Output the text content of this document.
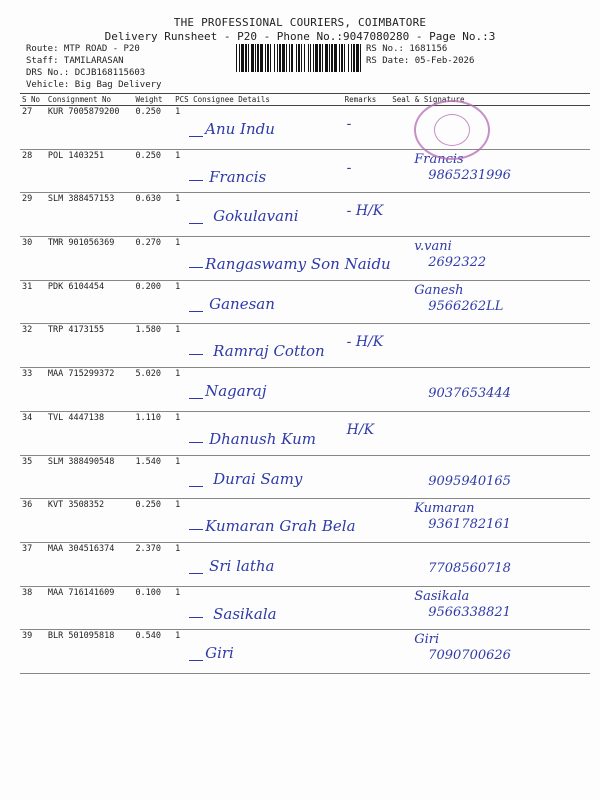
THE PROFESSIONAL COURIERS, COIMBATORE
Delivery Runsheet - P20 - Phone No.:9047080280 - Page No.:3
Route: MTP ROAD - P20
Staff: TAMILARASAN
DRS No.: DCJB168115603
Vehicle: Big Bag Delivery
RS No.: 1681156
RS Date: 05-Feb-2026
S No	Consignment No	Weight	PCS	Consignee Details	Remarks	Seal & Signature
27	KUR 7005879200	0.250	1	Anu Indu	-	

28	POL 1403251	0.250	1	Francis	-	Francis
9865231996

29	SLM 388457153	0.630	1	Gokulavani	- H/K	

30	TMR 901056369	0.270	1	Rangaswamy Son Naidu		v.vani
2692322

31	PDK 6104454	0.200	1	Ganesan		Ganesh
9566262LL

32	TRP 4173155	1.580	1	Ramraj Cotton	- H/K	

33	MAA 715299372	5.020	1	Nagaraj		9037653444

34	TVL 4447138	1.110	1	Dhanush Kum	H/K	

35	SLM 388490548	1.540	1	Durai Samy		9095940165

36	KVT 3508352	0.250	1	Kumaran Grah Bela		Kumaran
9361782161

37	MAA 304516374	2.370	1	Sri latha		7708560718

38	MAA 716141609	0.100	1	Sasikala		Sasikala
9566338821

39	BLR 501095818	0.540	1	Giri		Giri
7090700626
